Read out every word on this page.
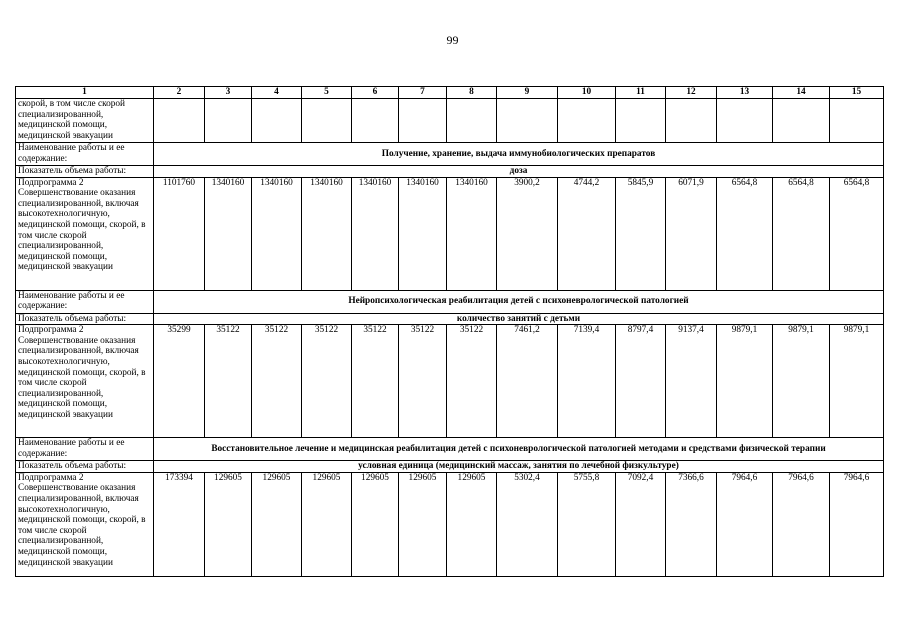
99
1	2	3	4	5	6	7	8	9	10	11	12	13	14	15
скорой, в том числе скорой специализированной, медицинской помощи, медицинской эвакуации														
Наименование работы и ее содержание:	Получение, хранение, выдача иммунобиологических препаратов													
Показатель объема работы:	доза													
Подпрограмма 2 Совершенствование оказания специализированной, включая высокотехнологичную, медицинской помощи, скорой, в том числе скорой специализированной, медицинской помощи, медицинской эвакуации	1101760	1340160	1340160	1340160	1340160	1340160	1340160	3900,2	4744,2	5845,9	6071,9	6564,8	6564,8	6564,8
Наименование работы и ее содержание:	Нейропсихологическая реабилитация детей с психоневрологической патологией													
Показатель объема работы:	количество занятий с детьми													
Подпрограмма 2 Совершенствование оказания специализированной, включая высокотехнологичную, медицинской помощи, скорой, в том числе скорой специализированной, медицинской помощи, медицинской эвакуации	35299	35122	35122	35122	35122	35122	35122	7461,2	7139,4	8797,4	9137,4	9879,1	9879,1	9879,1
Наименование работы и ее содержание:	Восстановительное лечение и медицинская реабилитация детей с психоневрологической патологией методами и средствами физической терапии													
Показатель объема работы:	условная единица (медицинский массаж, занятия по лечебной физкультуре)													
Подпрограмма 2 Совершенствование оказания специализированной, включая высокотехнологичную, медицинской помощи, скорой, в том числе скорой специализированной, медицинской помощи, медицинской эвакуации	173394	129605	129605	129605	129605	129605	129605	5302,4	5755,8	7092,4	7366,6	7964,6	7964,6	7964,6
